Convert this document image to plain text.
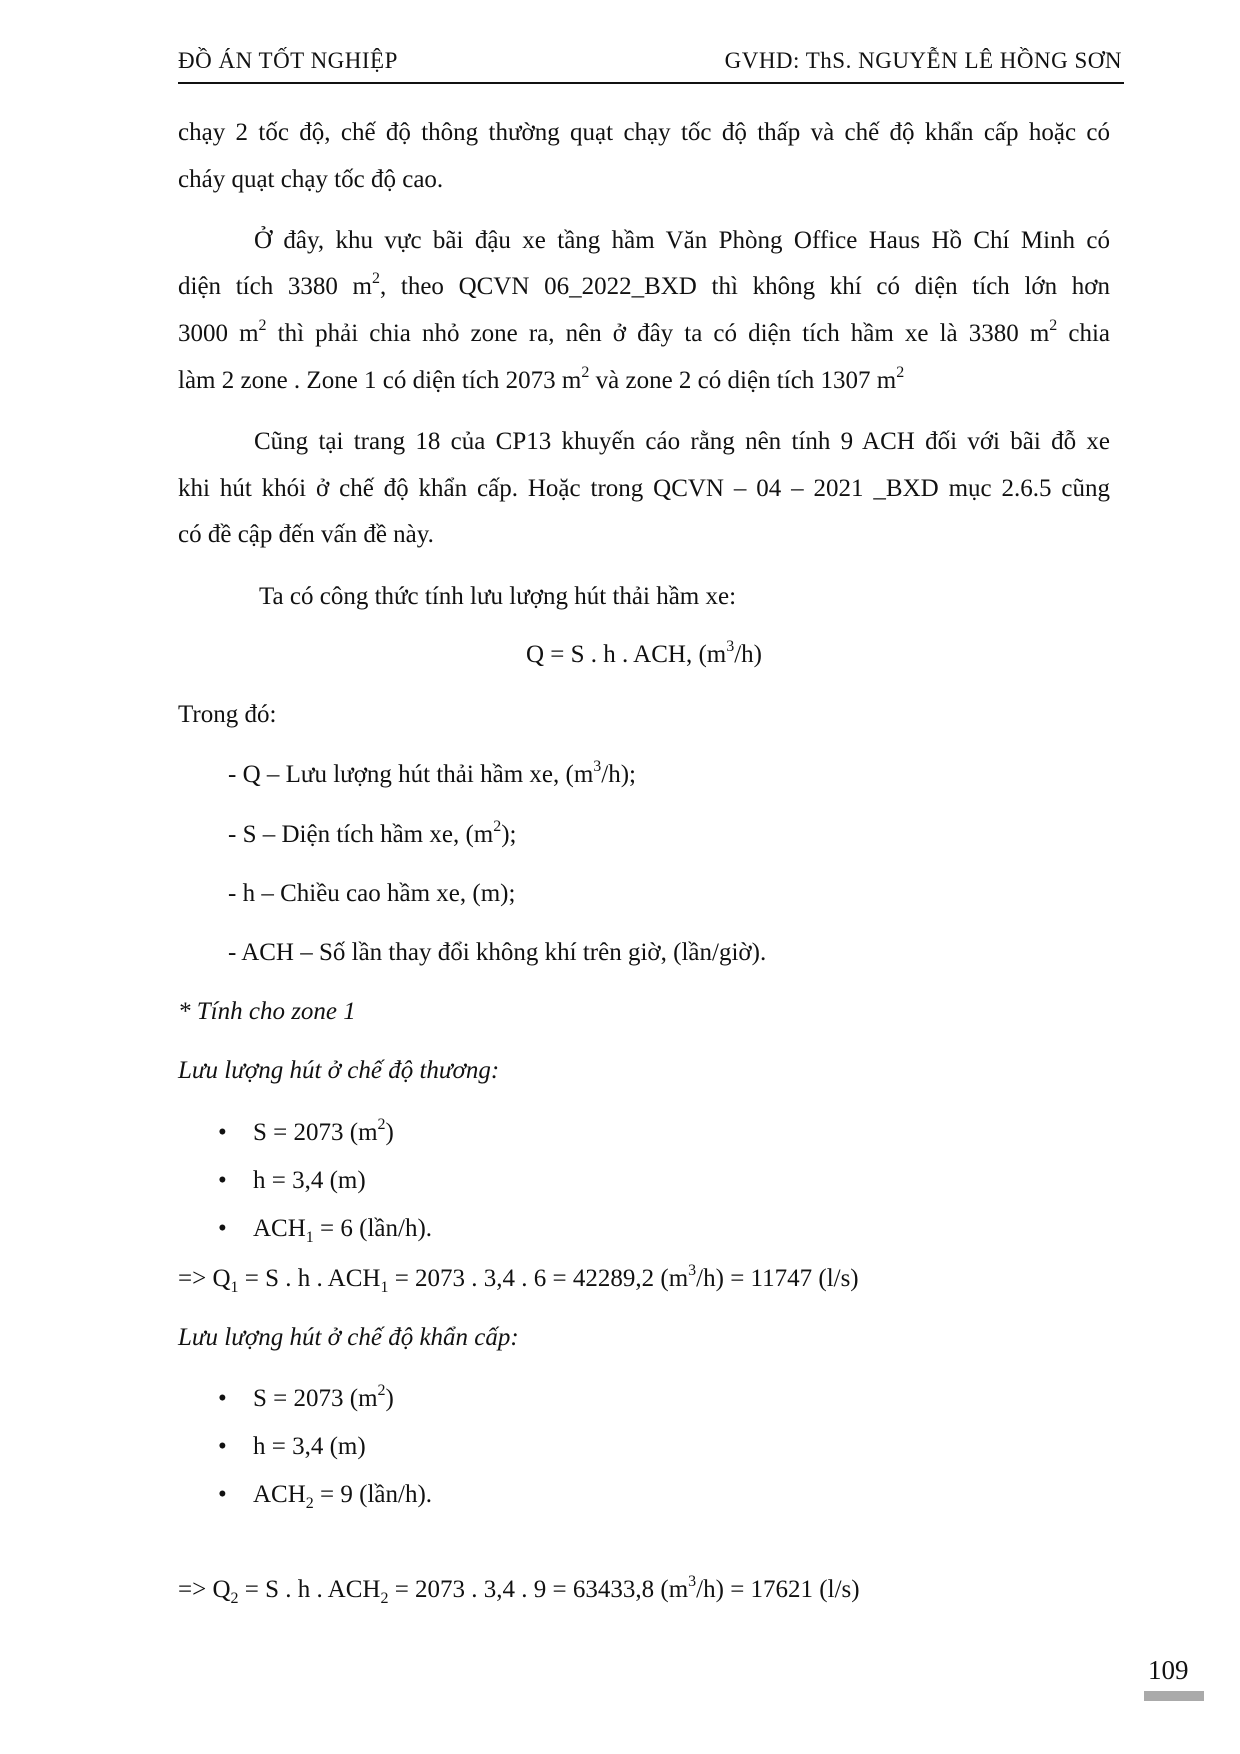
ĐỒ ÁN TỐT NGHIỆP	GVHD: ThS. NGUYỄN LÊ HỒNG SƠN
chạy 2 tốc độ, chế độ thông thường quạt chạy tốc độ thấp và chế độ khẩn cấp hoặc có
cháy quạt chạy tốc độ cao.
Ở đây, khu vực bãi đậu xe tầng hầm Văn Phòng Office Haus Hồ Chí Minh có
diện tích 3380 $m^2$, theo QCVN 06_2022_BXD thì không khí có diện tích lớn hơn
3000 $m^2$ thì phải chia nhỏ zone ra, nên ở đây ta có diện tích hầm xe là 3380 $m^2$ chia
làm 2 zone . Zone 1 có diện tích 2073 $m^2$ và zone 2 có diện tích 1307 $m^2$
Cũng tại trang 18 của CP13 khuyến cáo rằng nên tính 9 ACH đối với bãi đỗ xe
khi hút khói ở chế độ khẩn cấp. Hoặc trong QCVN – 04 – 2021 _BXD mục 2.6.5 cũng
có đề cập đến vấn đề này.
Ta có công thức tính lưu lượng hút thải hầm xe:
Q = S . h . ACH, $(m^3/h)$
Trong đó:
- Q – Lưu lượng hút thải hầm xe, $(m^3/h)$;
- S – Diện tích hầm xe, $(m^2)$;
- h – Chiều cao hầm xe, (m);
- ACH – Số lần thay đổi không khí trên giờ, (lần/giờ).
* Tính cho zone 1
Lưu lượng hút ở chế độ thương:
• S = 2073 $(m^2)$
• h = 3,4 (m)
• $ACH_1 = 6$ (lần/h).
=> $Q_1 = S$ . h . $ACH_1 = 2073$ . 3,4 . 6 = 42289,2 $(m^3/h) = 11747$ (l/s)
Lưu lượng hút ở chế độ khẩn cấp:
• S = 2073 $(m^2)$
• h = 3,4 (m)
• $ACH_2 = 9$ (lần/h).
=> $Q_2 = S$ . h . $ACH_2 = 2073$ . 3,4 . 9 = 63433,8 $(m^3/h) = 17621$ (l/s)
109
